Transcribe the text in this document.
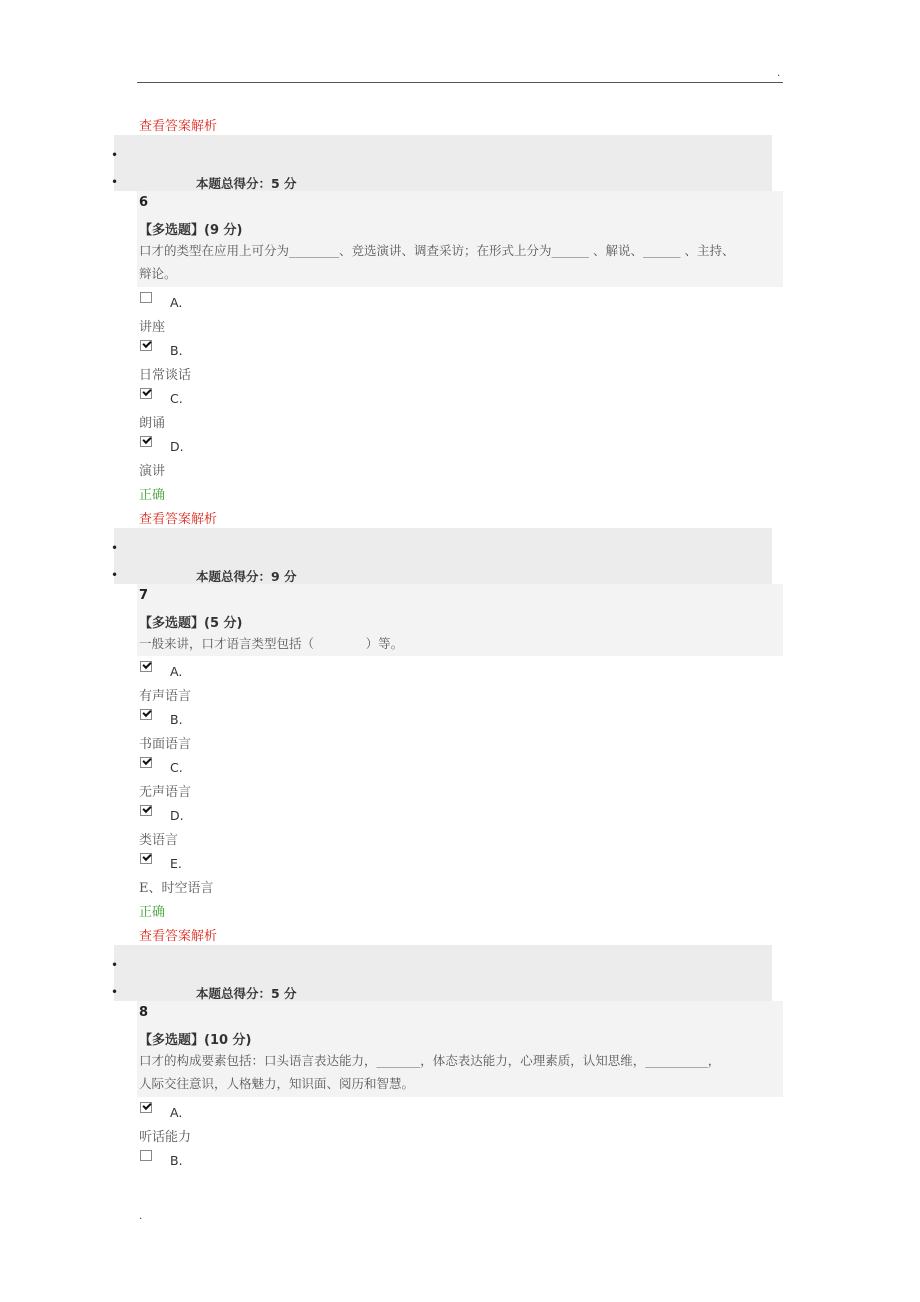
.
查看答案解析
•
•	本题总得分：5 分
6
【多选题】(9 分)
口才的类型在应用上可分为________、竞选演讲、调查采访；在形式上分为______ 、解说、______ 、主持、
辩论。
A.
讲座
B.
日常谈话
C.
朗诵
D.
演讲
正确
查看答案解析
•
•	本题总得分：9 分
7
【多选题】(5 分)
一般来讲，口才语言类型包括（             ）等。
A.
有声语言
B.
书面语言
C.
无声语言
D.
类语言
E.
E、时空语言
正确
查看答案解析
•
•	本题总得分：5 分
8
【多选题】(10 分)
口才的构成要素包括：口头语言表达能力，_______，体态表达能力，心理素质，认知思维，__________，
人际交往意识，人格魅力，知识面、阅历和智慧。
A.
听话能力
B.
.
